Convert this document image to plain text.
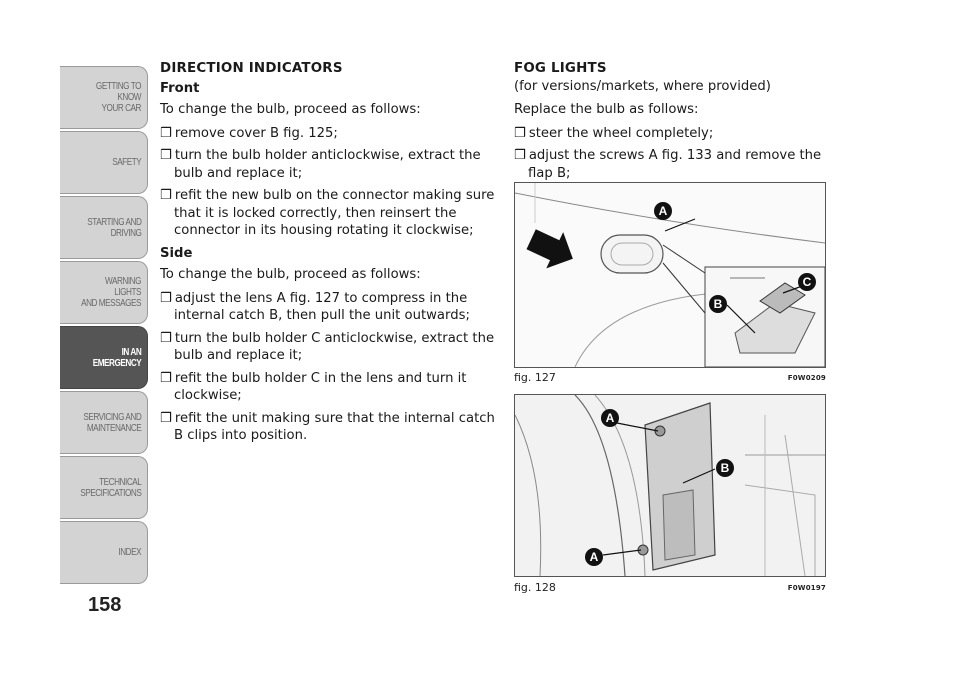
GETTING TO KNOW
YOUR CAR
SAFETY
STARTING AND
DRIVING
WARNING LIGHTS
AND MESSAGES
IN AN
EMERGENCY
SERVICING AND
MAINTENANCE
TECHNICAL
SPECIFICATIONS
INDEX
158

DIRECTION INDICATORS

Front

To change the bulb, proceed as follows:

❒ remove cover B fig. 125;

❒ turn the bulb holder anticlockwise, extract the bulb and replace it;

❒ refit the new bulb on the connector making sure that it is locked correctly, then reinsert the connector in its housing rotating it clockwise;

Side

To change the bulb, proceed as follows:

❒ adjust the lens A fig. 127 to compress in the internal catch B, then pull the unit outwards;

❒ turn the bulb holder C anticlockwise, extract the bulb and replace it;

❒ refit the bulb holder C in the lens and turn it clockwise;

❒ refit the unit making sure that the internal catch B clips into position.

FOG LIGHTS

(for versions/markets, where provided)

Replace the bulb as follows:

❒ steer the wheel completely;

❒ adjust the screws A fig. 133 and remove the flap B;

A
B
C
fig. 127	F0W0209
A
B
A
fig. 128	F0W0197
